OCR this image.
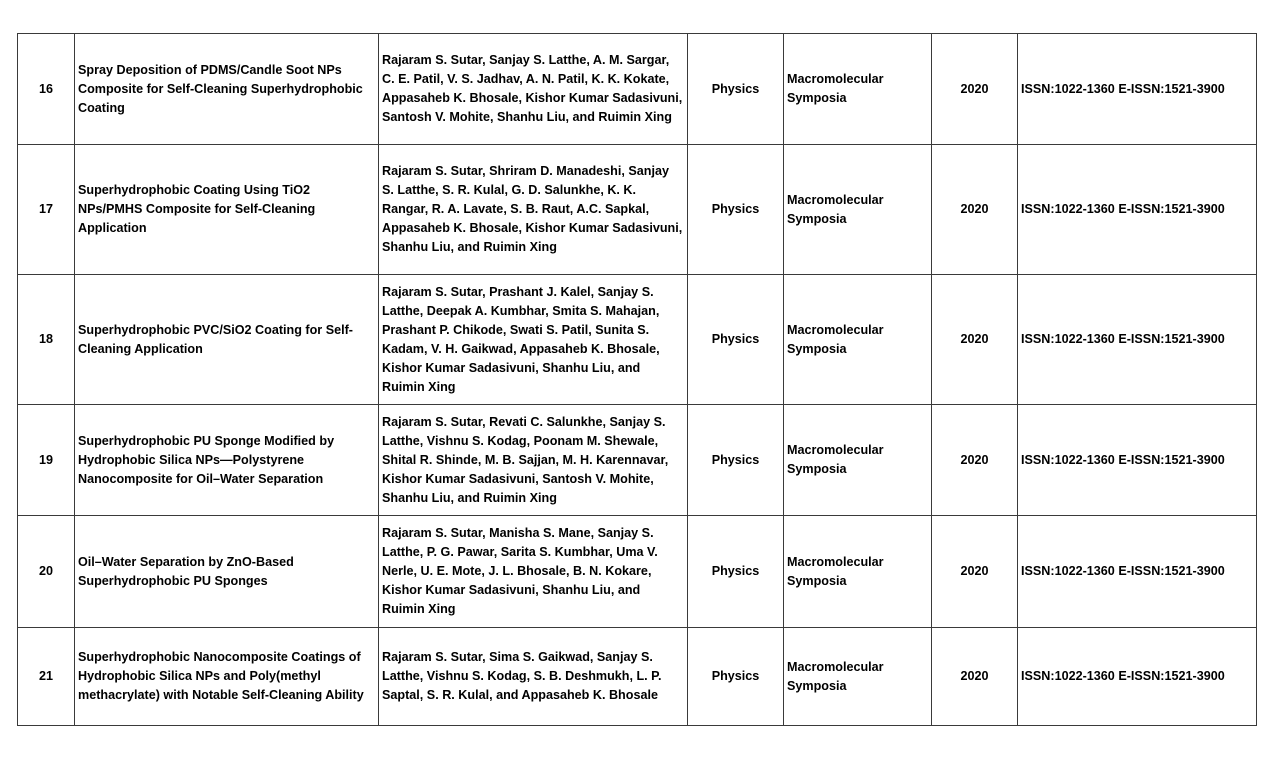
16	Spray Deposition of PDMS/Candle Soot NPs Composite for Self-Cleaning Superhydrophobic Coating	Rajaram S. Sutar, Sanjay S. Latthe, A. M. Sargar, C. E. Patil, V. S. Jadhav, A. N. Patil, K. K. Kokate, Appasaheb K. Bhosale, Kishor Kumar Sadasivuni, Santosh V. Mohite, Shanhu Liu, and Ruimin Xing	Physics	Macromolecular Symposia	2020	ISSN:1022-1360 E-ISSN:1521-3900
17	Superhydrophobic Coating Using TiO2 NPs/PMHS Composite for Self-Cleaning Application	Rajaram S. Sutar, Shriram D. Manadeshi, Sanjay S. Latthe, S. R. Kulal, G. D. Salunkhe, K. K. Rangar, R. A. Lavate, S. B. Raut, A.C. Sapkal, Appasaheb K. Bhosale, Kishor Kumar Sadasivuni, Shanhu Liu, and Ruimin Xing	Physics	Macromolecular Symposia	2020	ISSN:1022-1360 E-ISSN:1521-3900
18	Superhydrophobic PVC/SiO2 Coating for Self-Cleaning Application	Rajaram S. Sutar, Prashant J. Kalel, Sanjay S. Latthe, Deepak A. Kumbhar, Smita S. Mahajan, Prashant P. Chikode, Swati S. Patil, Sunita S. Kadam, V. H. Gaikwad, Appasaheb K. Bhosale, Kishor Kumar Sadasivuni, Shanhu Liu, and Ruimin Xing	Physics	Macromolecular Symposia	2020	ISSN:1022-1360 E-ISSN:1521-3900
19	Superhydrophobic PU Sponge Modified by Hydrophobic Silica NPs—Polystyrene Nanocomposite for Oil–Water Separation	Rajaram S. Sutar, Revati C. Salunkhe, Sanjay S. Latthe, Vishnu S. Kodag, Poonam M. Shewale, Shital R. Shinde, M. B. Sajjan, M. H. Karennavar, Kishor Kumar Sadasivuni, Santosh V. Mohite, Shanhu Liu, and Ruimin Xing	Physics	Macromolecular Symposia	2020	ISSN:1022-1360 E-ISSN:1521-3900
20	Oil–Water Separation by ZnO-Based Superhydrophobic PU Sponges	Rajaram S. Sutar, Manisha S. Mane, Sanjay S. Latthe, P. G. Pawar, Sarita S. Kumbhar, Uma V. Nerle, U. E. Mote, J. L. Bhosale, B. N. Kokare, Kishor Kumar Sadasivuni, Shanhu Liu, and Ruimin Xing	Physics	Macromolecular Symposia	2020	ISSN:1022-1360 E-ISSN:1521-3900
21	Superhydrophobic Nanocomposite Coatings of Hydrophobic Silica NPs and Poly(methyl methacrylate) with Notable Self-Cleaning Ability	Rajaram S. Sutar, Sima S. Gaikwad, Sanjay S. Latthe, Vishnu S. Kodag, S. B. Deshmukh, L. P. Saptal, S. R. Kulal, and Appasaheb K. Bhosale	Physics	Macromolecular Symposia	2020	ISSN:1022-1360 E-ISSN:1521-3900
